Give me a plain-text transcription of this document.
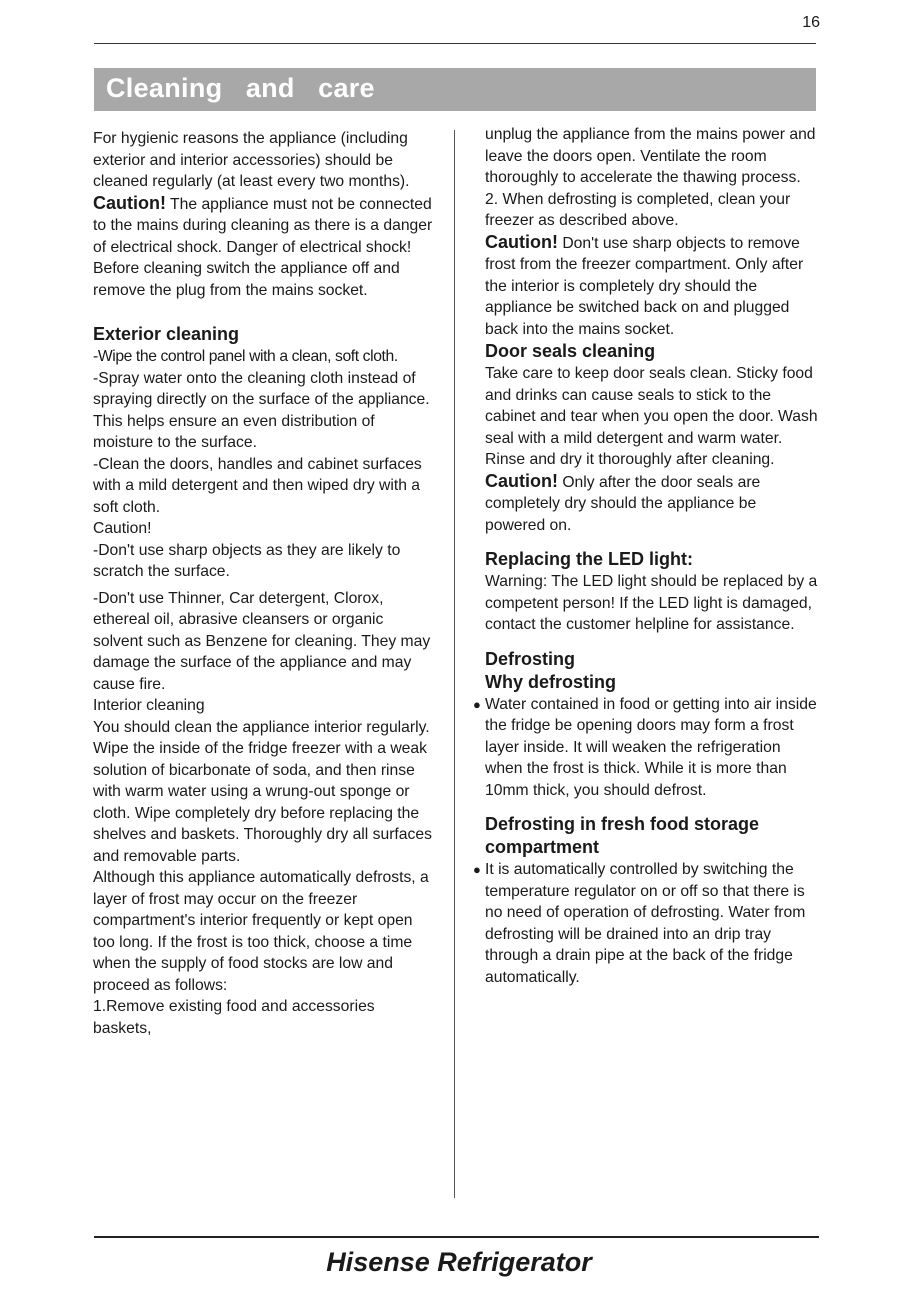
16
Cleaning   and   care

For hygienic reasons the appliance (including exterior and interior accessories) should be cleaned regularly (at least every two months).

Caution! The appliance must not be connected to the mains during cleaning as there is a danger of electrical shock. Danger of electrical shock! Before cleaning switch the appliance off and remove the plug from the mains socket.

Exterior cleaning

-Wipe the control panel with a clean, soft cloth.

-Spray water onto the cleaning cloth instead of spraying directly on the surface of the appliance. This helps ensure an even distribution of moisture to the surface.

-Clean the doors, handles and cabinet surfaces with a mild detergent and then wiped dry with a soft cloth.

Caution!

-Don't use sharp objects as they are likely to scratch the surface.

-Don't use Thinner, Car detergent, Clorox, ethereal oil, abrasive cleansers or organic solvent such as Benzene for cleaning. They may damage the surface of the appliance and may cause fire.

Interior cleaning

You should clean the appliance interior regularly. Wipe the inside of the fridge freezer with a weak solution of bicarbonate of soda, and then rinse with warm water using a wrung-out sponge or cloth. Wipe completely dry before replacing the shelves and baskets. Thoroughly dry all surfaces and removable parts.

Although this appliance automatically defrosts, a layer of frost may occur on the freezer compartment's interior frequently or kept open too long. If the frost is too thick, choose a time when the supply of food stocks are low and proceed as follows:

1.Remove existing food and accessories baskets,

unplug the appliance from the mains power and leave the doors open. Ventilate the room thoroughly to accelerate the thawing process.

2. When defrosting is completed, clean your freezer as described above.

Caution! Don't use sharp objects to remove frost from the freezer compartment. Only after the interior is completely dry should the appliance be switched back on and plugged back into the mains socket.

Door seals cleaning

Take care to keep door seals clean. Sticky food and drinks can cause seals to stick to the cabinet and tear when you open the door. Wash seal with a mild detergent and warm water. Rinse and dry it thoroughly after cleaning.

Caution! Only after the door seals are completely dry should the appliance be powered on.

Replacing the LED light:

Warning: The LED light should be replaced by a competent person! If the LED light is damaged, contact the customer helpline for assistance.

Defrosting

Why defrosting

● Water contained in food or getting into air inside the fridge be opening doors may form a frost layer inside. It will weaken the refrigeration when the frost is thick. While it is more than 10mm thick, you should defrost.

Defrosting in fresh food storage compartment

● It is automatically controlled by switching the temperature regulator on or off so that there is no need of operation of defrosting. Water from defrosting will be drained into an drip tray through a drain pipe at the back of the fridge automatically.

Hisense Refrigerator
